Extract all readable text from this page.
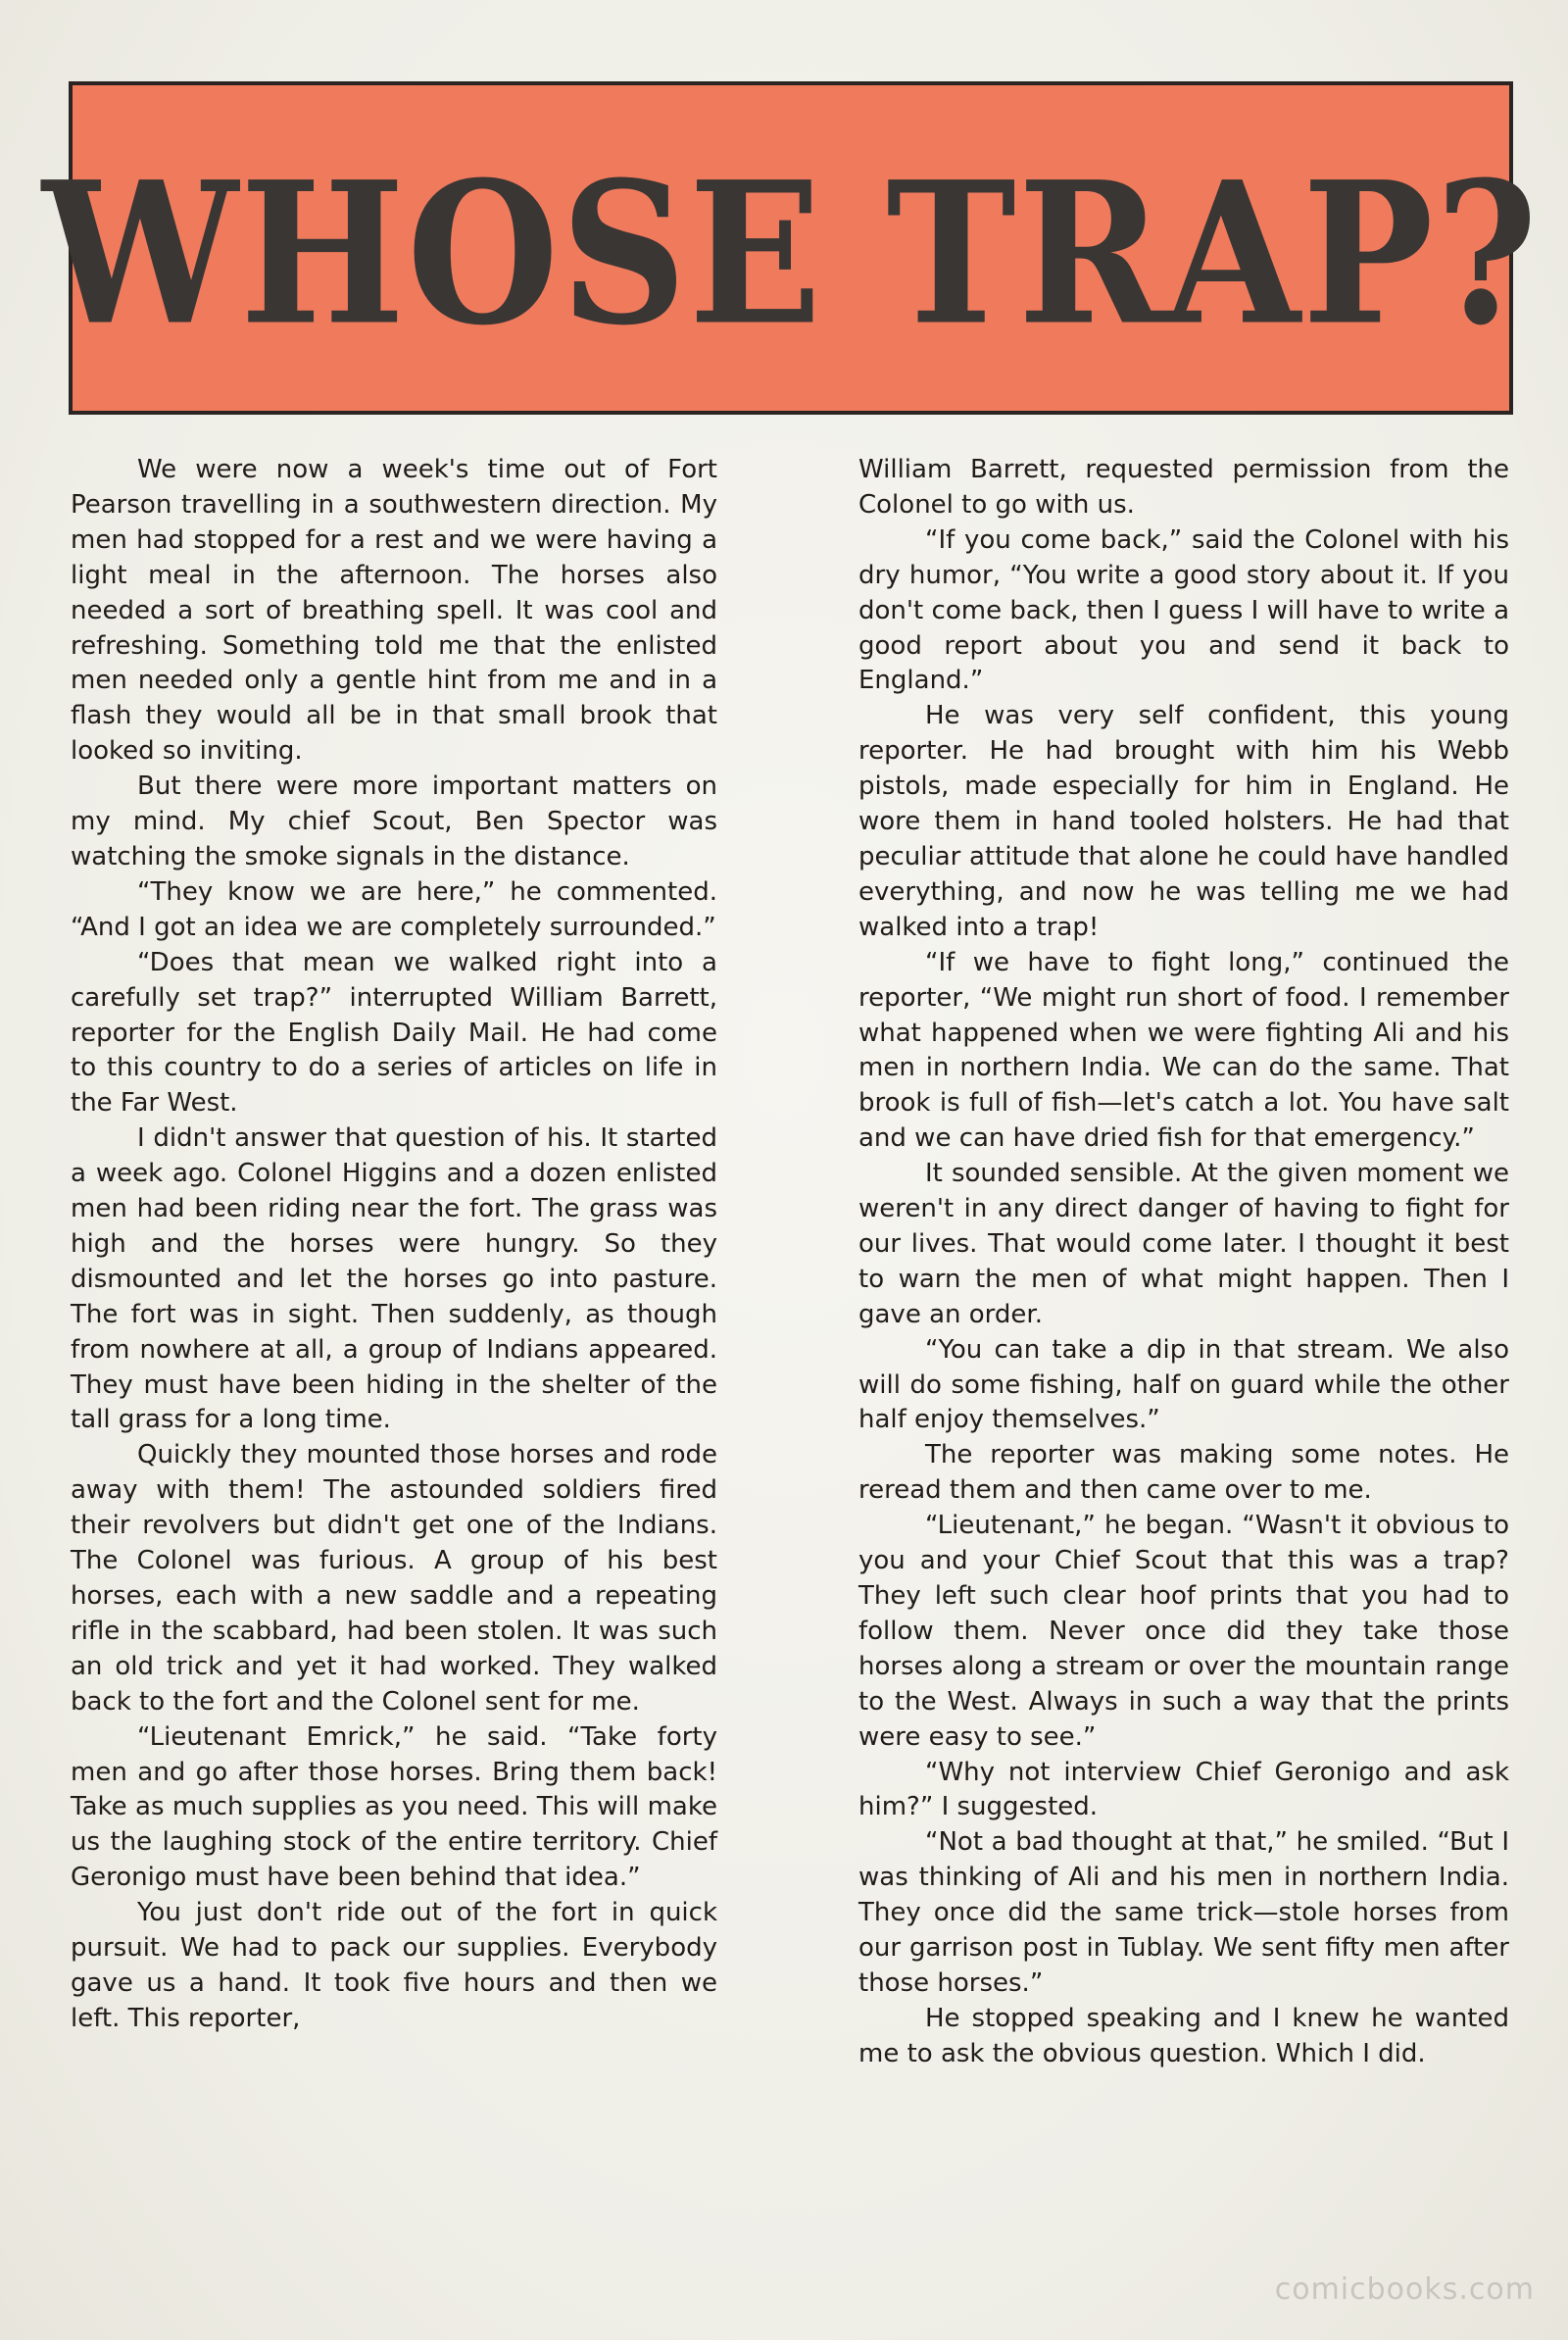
WHOSE TRAP?

We were now a week's time out of Fort Pearson travelling in a southwestern direction. My men had stopped for a rest and we were having a light meal in the afternoon. The horses also needed a sort of breathing spell. It was cool and refreshing. Something told me that the enlisted men needed only a gentle hint from me and in a flash they would all be in that small brook that looked so inviting.

But there were more important matters on my mind. My chief Scout, Ben Spector was watching the smoke signals in the distance.

“They know we are here,” he commented. “And I got an idea we are completely surrounded.”

“Does that mean we walked right into a carefully set trap?” interrupted William Barrett, reporter for the English Daily Mail. He had come to this country to do a series of articles on life in the Far West.

I didn't answer that question of his. It started a week ago. Colonel Higgins and a dozen enlisted men had been riding near the fort. The grass was high and the horses were hungry. So they dismounted and let the horses go into pasture. The fort was in sight. Then suddenly, as though from nowhere at all, a group of Indians appeared. They must have been hiding in the shelter of the tall grass for a long time.

Quickly they mounted those horses and rode away with them! The astounded soldiers fired their revolvers but didn't get one of the Indians. The Colonel was furious. A group of his best horses, each with a new saddle and a repeating rifle in the scabbard, had been stolen. It was such an old trick and yet it had worked. They walked back to the fort and the Colonel sent for me.

“Lieutenant Emrick,” he said. “Take forty men and go after those horses. Bring them back! Take as much supplies as you need. This will make us the laughing stock of the entire territory. Chief Geronigo must have been behind that idea.”

You just don't ride out of the fort in quick pursuit. We had to pack our supplies. Everybody gave us a hand. It took five hours and then we left. This reporter,

William Barrett, requested permission from the Colonel to go with us.

“If you come back,” said the Colonel with his dry humor, “You write a good story about it. If you don't come back, then I guess I will have to write a good report about you and send it back to England.”

He was very self confident, this young reporter. He had brought with him his Webb pistols, made especially for him in England. He wore them in hand tooled holsters. He had that peculiar attitude that alone he could have handled everything, and now he was telling me we had walked into a trap!

“If we have to fight long,” continued the reporter, “We might run short of food. I remember what happened when we were fighting Ali and his men in northern India. We can do the same. That brook is full of fish—let's catch a lot. You have salt and we can have dried fish for that emergency.”

It sounded sensible. At the given moment we weren't in any direct danger of having to fight for our lives. That would come later. I thought it best to warn the men of what might happen. Then I gave an order.

“You can take a dip in that stream. We also will do some fishing, half on guard while the other half enjoy themselves.”

The reporter was making some notes. He reread them and then came over to me.

“Lieutenant,” he began. “Wasn't it obvious to you and your Chief Scout that this was a trap? They left such clear hoof prints that you had to follow them. Never once did they take those horses along a stream or over the mountain range to the West. Always in such a way that the prints were easy to see.”

“Why not interview Chief Geronigo and ask him?” I suggested.

“Not a bad thought at that,” he smiled. “But I was thinking of Ali and his men in northern India. They once did the same trick—stole horses from our garrison post in Tublay. We sent fifty men after those horses.”

He stopped speaking and I knew he wanted me to ask the obvious question. Which I did.

comicbooks.com
